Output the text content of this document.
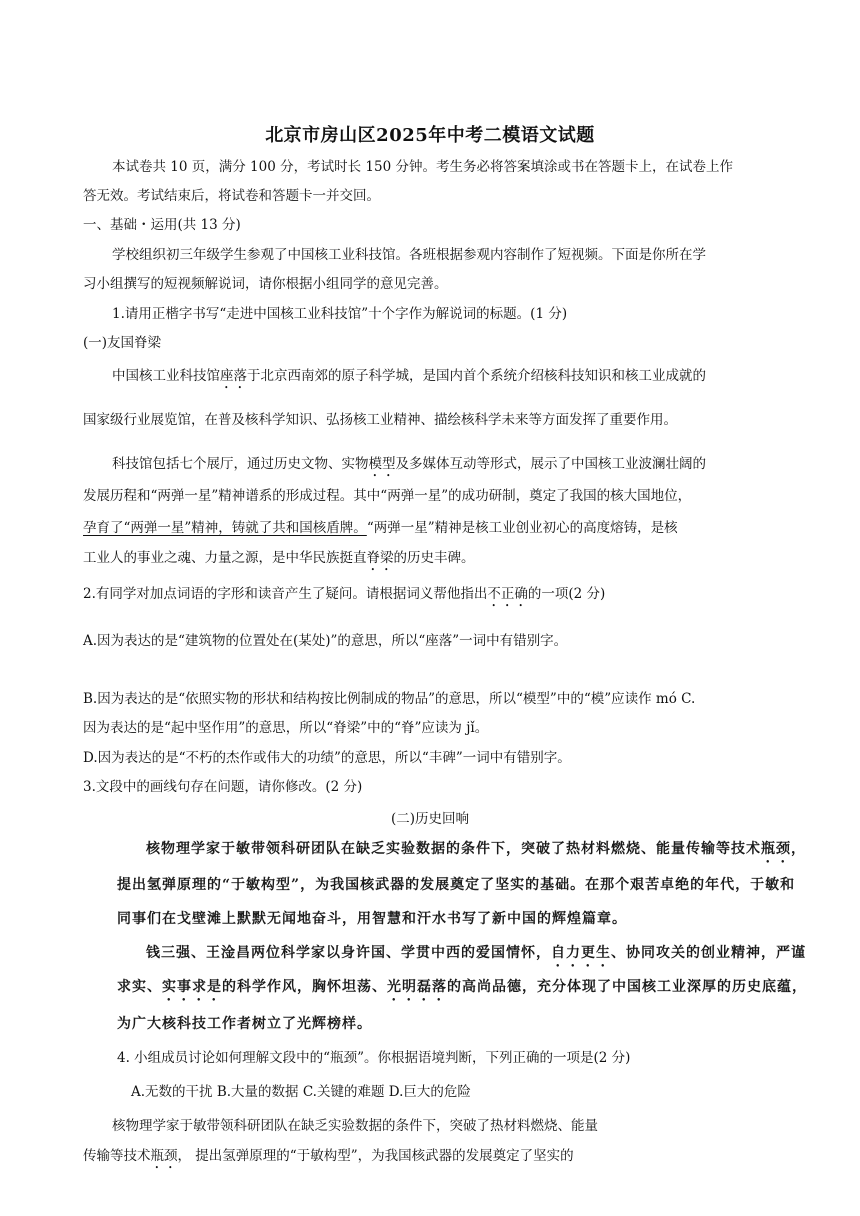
北京市房山区2025年中考二模语文试题
本试卷共 10 页，满分 100 分，考试时长 150 分钟。考生务必将答案填涂或书在答题卡上，在试卷上作
答无效。考试结束后，将试卷和答题卡一并交回。
一、基础・运用(共 13 分)
学校组织初三年级学生参观了中国核工业科技馆。各班根据参观内容制作了短视频。下面是你所在学
习小组撰写的短视频解说词，请你根据小组同学的意见完善。
1.请用正楷字书写“走进中国核工业科技馆”十个字作为解说词的标题。(1 分)
(一)友国脊梁
中国核工业科技馆座落于北京西南郊的原子科学城，是国内首个系统介绍核科技知识和核工业成就的
国家级行业展览馆，在普及核科学知识、弘扬核工业精神、描绘核科学未来等方面发挥了重要作用。
科技馆包括七个展厅，通过历史文物、实物模型及多媒体互动等形式，展示了中国核工业波澜壮阔的
发展历程和“两弹一星”精神谱系的形成过程。其中“两弹一星”的成功研制，奠定了我国的核大国地位，
孕育了“两弹一星”精神，铸就了共和国核盾牌。“两弹一星”精神是核工业创业初心的高度熔铸，是核
工业人的事业之魂、力量之源，是中华民族挺直脊梁的历史丰碑。
2.有同学对加点词语的字形和读音产生了疑问。请根据词义帮他指出不正确的一项(2 分)
A.因为表达的是“建筑物的位置处在(某处)”的意思，所以“座落”一词中有错别字。
B.因为表达的是“依照实物的形状和结构按比例制成的物品”的意思，所以“模型”中的“模”应读作 mó C.
因为表达的是“起中坚作用”的意思，所以“脊梁”中的“脊”应读为 jǐ。
D.因为表达的是“不朽的杰作或伟大的功绩”的意思，所以“丰碑”一词中有错别字。
3.文段中的画线句存在问题，请你修改。(2 分)
(二)历史回响
核物理学家于敏带领科研团队在缺乏实验数据的条件下，突破了热材料燃烧、能量传输等技术瓶颈，
提出氢弹原理的“于敏构型”，为我国核武器的发展奠定了坚实的基础。在那个艰苦卓绝的年代，于敏和
同事们在戈壁滩上默默无闻地奋斗，用智慧和汗水书写了新中国的辉煌篇章。
钱三强、王淦昌两位科学家以身许国、学贯中西的爱国情怀，自力更生、协同攻关的创业精神，严谨
求实、实事求是的科学作风，胸怀坦荡、光明磊落的高尚品德，充分体现了中国核工业深厚的历史底蕴，
为广大核科技工作者树立了光辉榜样。
4. 小组成员讨论如何理解文段中的“瓶颈”。你根据语境判断，下列正确的一项是(2 分)
A.无数的干扰 B.大量的数据 C.关键的难题 D.巨大的危险
核物理学家于敏带领科研团队在缺乏实验数据的条件下，突破了热材料燃烧、能量
传输等技术瓶颈， 提出氢弹原理的“于敏构型”，为我国核武器的发展奠定了坚实的
